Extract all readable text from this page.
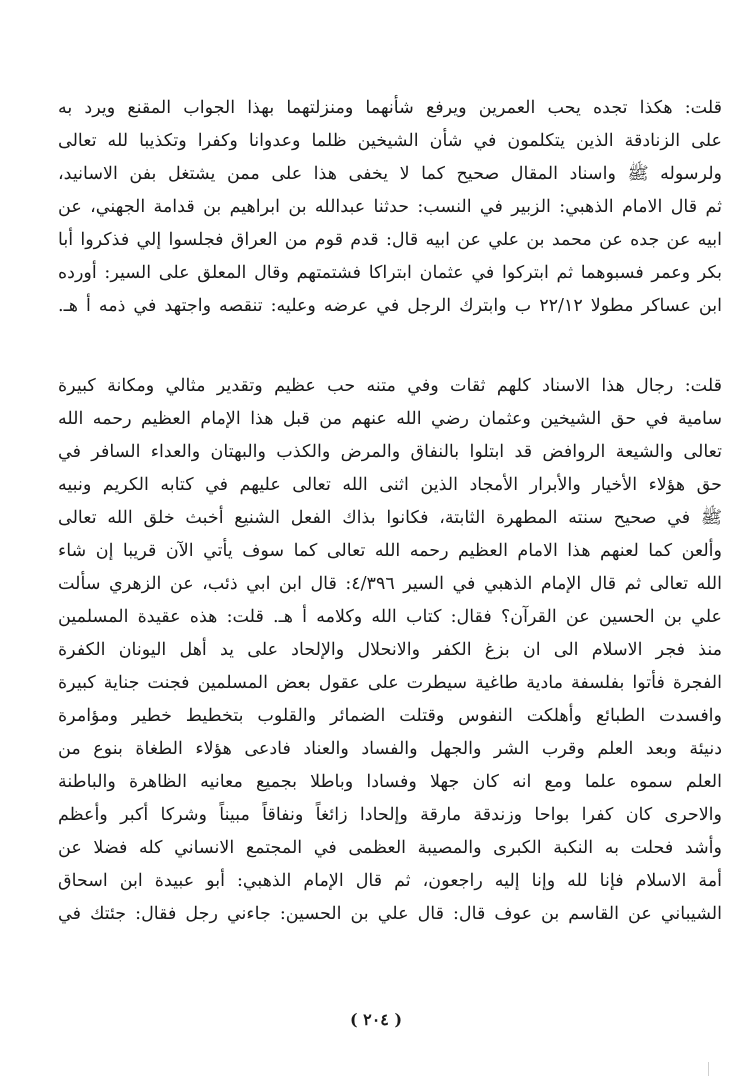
قلت: هكذا تجده يحب العمرين ويرفع شأنهما ومنزلتهما بهذا الجواب المقنع ويرد به
على الزنادقة الذين يتكلمون في شأن الشيخين ظلما وعدوانا وكفرا وتكذيبا لله تعالى
ولرسوله ﷺ واسناد المقال صحيح كما لا يخفى هذا على ممن يشتغل بفن الاسانيد،
ثم قال الامام الذهبي: الزبير في النسب: حدثنا عبدالله بن ابراهيم بن قدامة الجهني، عن
ابيه عن جده عن محمد بن علي عن ابيه قال: قدم قوم من العراق فجلسوا إلي فذكروا أبا
بكر وعمر فسبوهما ثم ابتركوا في عثمان ابتراكا فشتمتهم وقال المعلق على السير: أورده
ابن عساكر مطولا ٢٢/١٢ ب وابترك الرجل في عرضه وعليه: تنقصه واجتهد في ذمه أ هـ.
قلت: رجال هذا الاسناد كلهم ثقات وفي متنه حب عظيم وتقدير مثالي ومكانة كبيرة
سامية في حق الشيخين وعثمان رضي الله عنهم من قبل هذا الإمام العظيم رحمه الله
تعالى والشيعة الروافض قد ابتلوا بالنفاق والمرض والكذب والبهتان والعداء السافر في
حق هؤلاء الأخيار والأبرار الأمجاد الذين اثنى الله تعالى عليهم في كتابه الكريم ونبيه
ﷺ في صحيح سنته المطهرة الثابتة، فكانوا بذاك الفعل الشنيع أخبث خلق الله تعالى
وألعن كما لعنهم هذا الامام العظيم رحمه الله تعالى كما سوف يأتي الآن قريبا إن شاء
الله تعالى ثم قال الإمام الذهبي في السير ٤/٣٩٦: قال ابن ابي ذئب، عن الزهري سألت
علي بن الحسين عن القرآن؟ فقال: كتاب الله وكلامه أ هـ. قلت: هذه عقيدة المسلمين
منذ فجر الاسلام الى ان بزغ الكفر والانحلال والإلحاد على يد أهل اليونان الكفرة
الفجرة فأتوا بفلسفة مادية طاغية سيطرت على عقول بعض المسلمين فجنت جناية كبيرة
وافسدت الطبائع وأهلكت النفوس وقتلت الضمائر والقلوب بتخطيط خطير ومؤامرة
دنيئة وبعد العلم وقرب الشر والجهل والفساد والعناد فادعى هؤلاء الطغاة بنوع من
العلم سموه علما ومع انه كان جهلا وفسادا وباطلا بجميع معانيه الظاهرة والباطنة
والاحرى كان كفرا بواحا وزندقة مارقة وإلحادا زائغاً ونفاقاً مبيناً وشركا أكبر وأعظم
وأشد فحلت به النكبة الكبرى والمصيبة العظمى في المجتمع الانساني كله فضلا عن
أمة الاسلام فإنا لله وإنا إليه راجعون، ثم قال الإمام الذهبي: أبو عبيدة ابن اسحاق
الشيباني عن القاسم بن عوف قال: قال علي بن الحسين: جاءني رجل فقال: جئتك في
( ٢٠٤ )
